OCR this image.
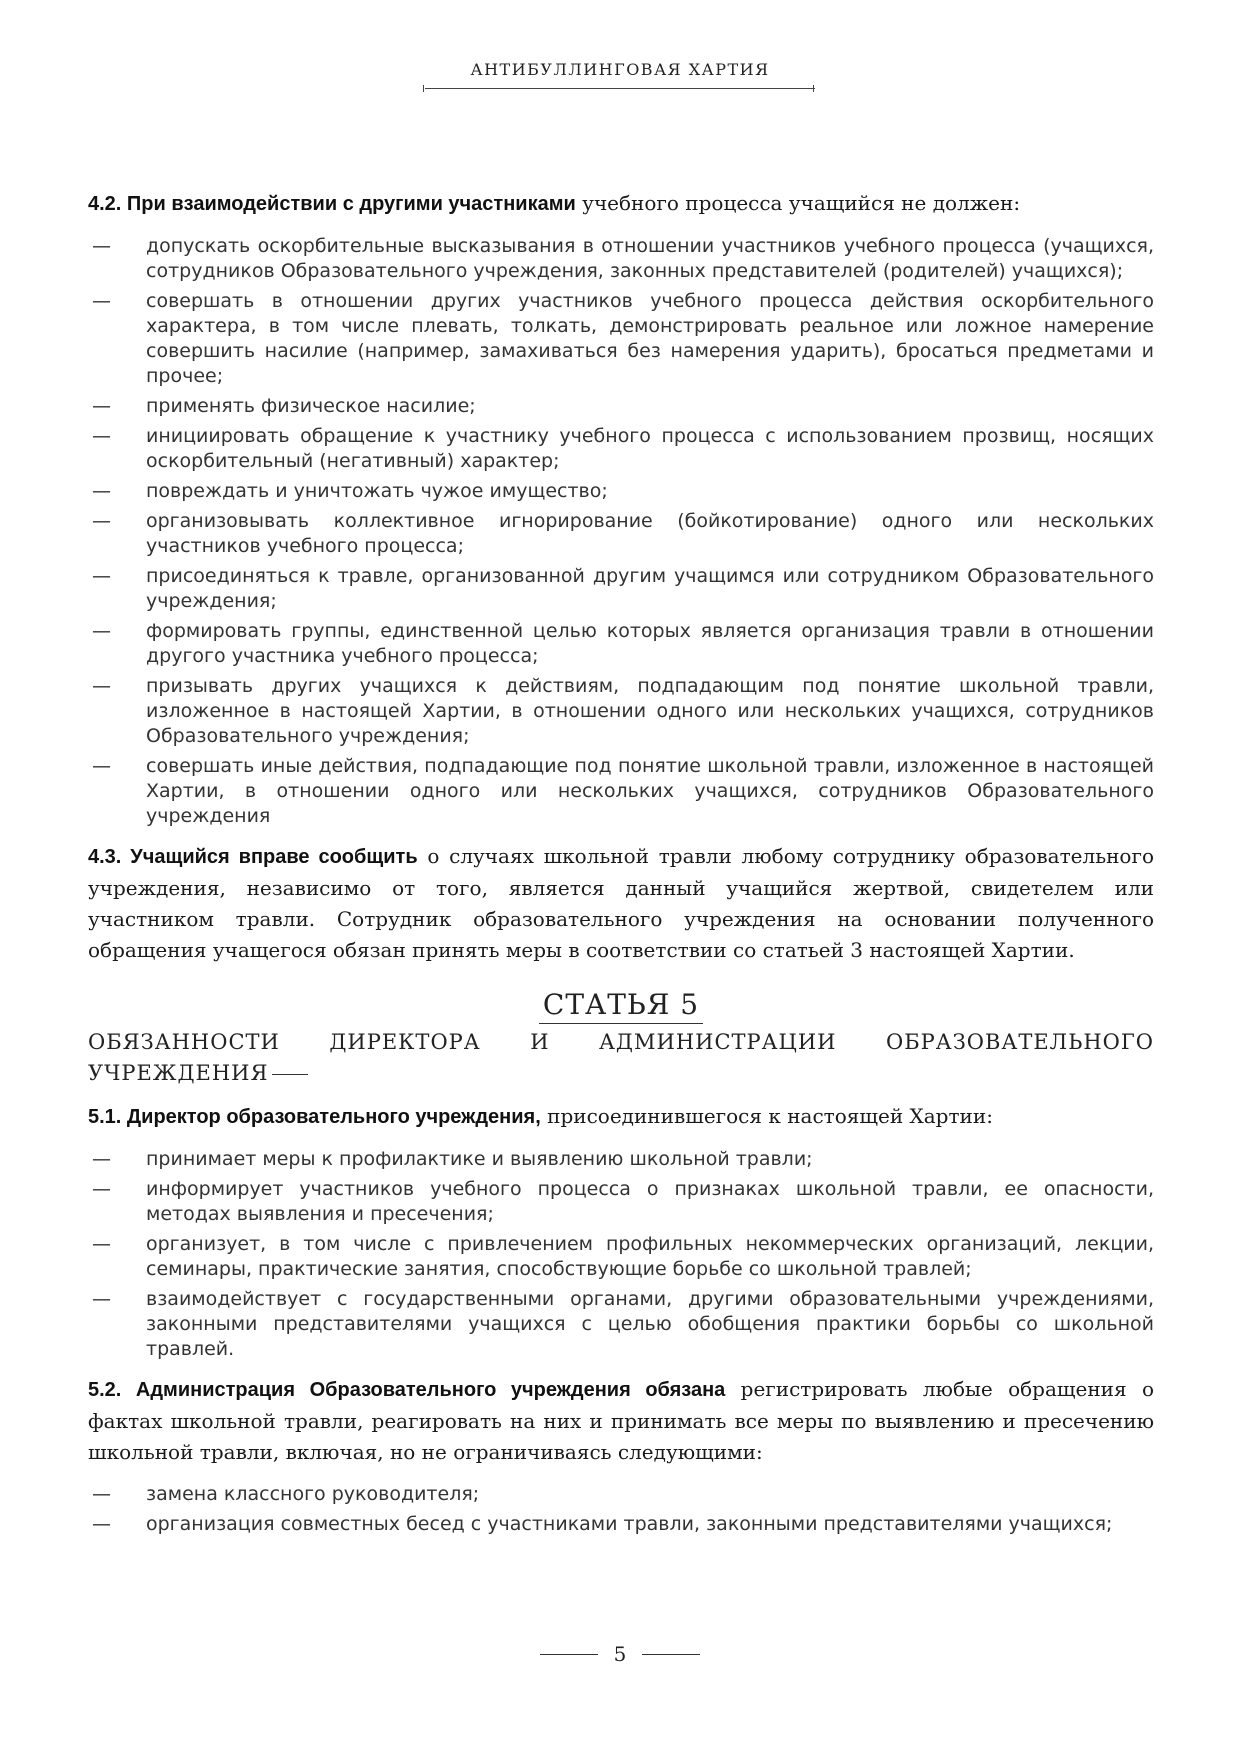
АНТИБУЛЛИНГОВАЯ ХАРТИЯ

4.2. При взаимодействии с другими участниками учебного процесса учащийся не должен:

— допускать оскорбительные высказывания в отношении участников учебного процесса (учащихся, сотрудников Образовательного учреждения, законных представителей (родителей) учащихся);
— совершать в отношении других участников учебного процесса действия оскорбительного характера, в том числе плевать, толкать, демонстрировать реальное или ложное намерение совершить насилие (например, замахиваться без намерения ударить), бросаться предметами и прочее;
— применять физическое насилие;
— инициировать обращение к участнику учебного процесса с использованием прозвищ, носящих оскорбительный (негативный) характер;
— повреждать и уничтожать чужое имущество;
— организовывать коллективное игнорирование (бойкотирование) одного или нескольких участников учебного процесса;
— присоединяться к травле, организованной другим учащимся или сотрудником Образовательного учреждения;
— формировать группы, единственной целью которых является организация травли в отношении другого участника учебного процесса;
— призывать других учащихся к действиям, подпадающим под понятие школьной травли, изложенное в настоящей Хартии, в отношении одного или нескольких учащихся, сотрудников Образовательного учреждения;
— совершать иные действия, подпадающие под понятие школьной травли, изложенное в настоящей Хартии, в отношении одного или нескольких учащихся, сотрудников Образовательного учреждения

4.3. Учащийся вправе сообщить о случаях школьной травли любому сотруднику образовательного учреждения, независимо от того, является данный учащийся жертвой, свидетелем или участником травли. Сотрудник образовательного учреждения на основании полученного обращения учащегося обязан принять меры в соответствии со статьей 3 настоящей Хартии.

СТАТЬЯ 5
ОБЯЗАННОСТИ ДИРЕКТОРА И АДМИНИСТРАЦИИ ОБРАЗОВАТЕЛЬНОГО УЧРЕЖДЕНИЯ

5.1. Директор образовательного учреждения, присоединившегося к настоящей Хартии:

— принимает меры к профилактике и выявлению школьной травли;
— информирует участников учебного процесса о признаках школьной травли, ее опасности, методах выявления и пресечения;
— организует, в том числе с привлечением профильных некоммерческих организаций, лекции, семинары, практические занятия, способствующие борьбе со школьной травлей;
— взаимодействует с государственными органами, другими образовательными учреждениями, законными представителями учащихся с целью обобщения практики борьбы со школьной травлей.

5.2. Администрация Образовательного учреждения обязана регистрировать любые обращения о фактах школьной травли, реагировать на них и принимать все меры по выявлению и пресечению школьной травли, включая, но не ограничиваясь следующими:

— замена классного руководителя;
— организация совместных бесед с участниками травли, законными представителями учащихся;
5
